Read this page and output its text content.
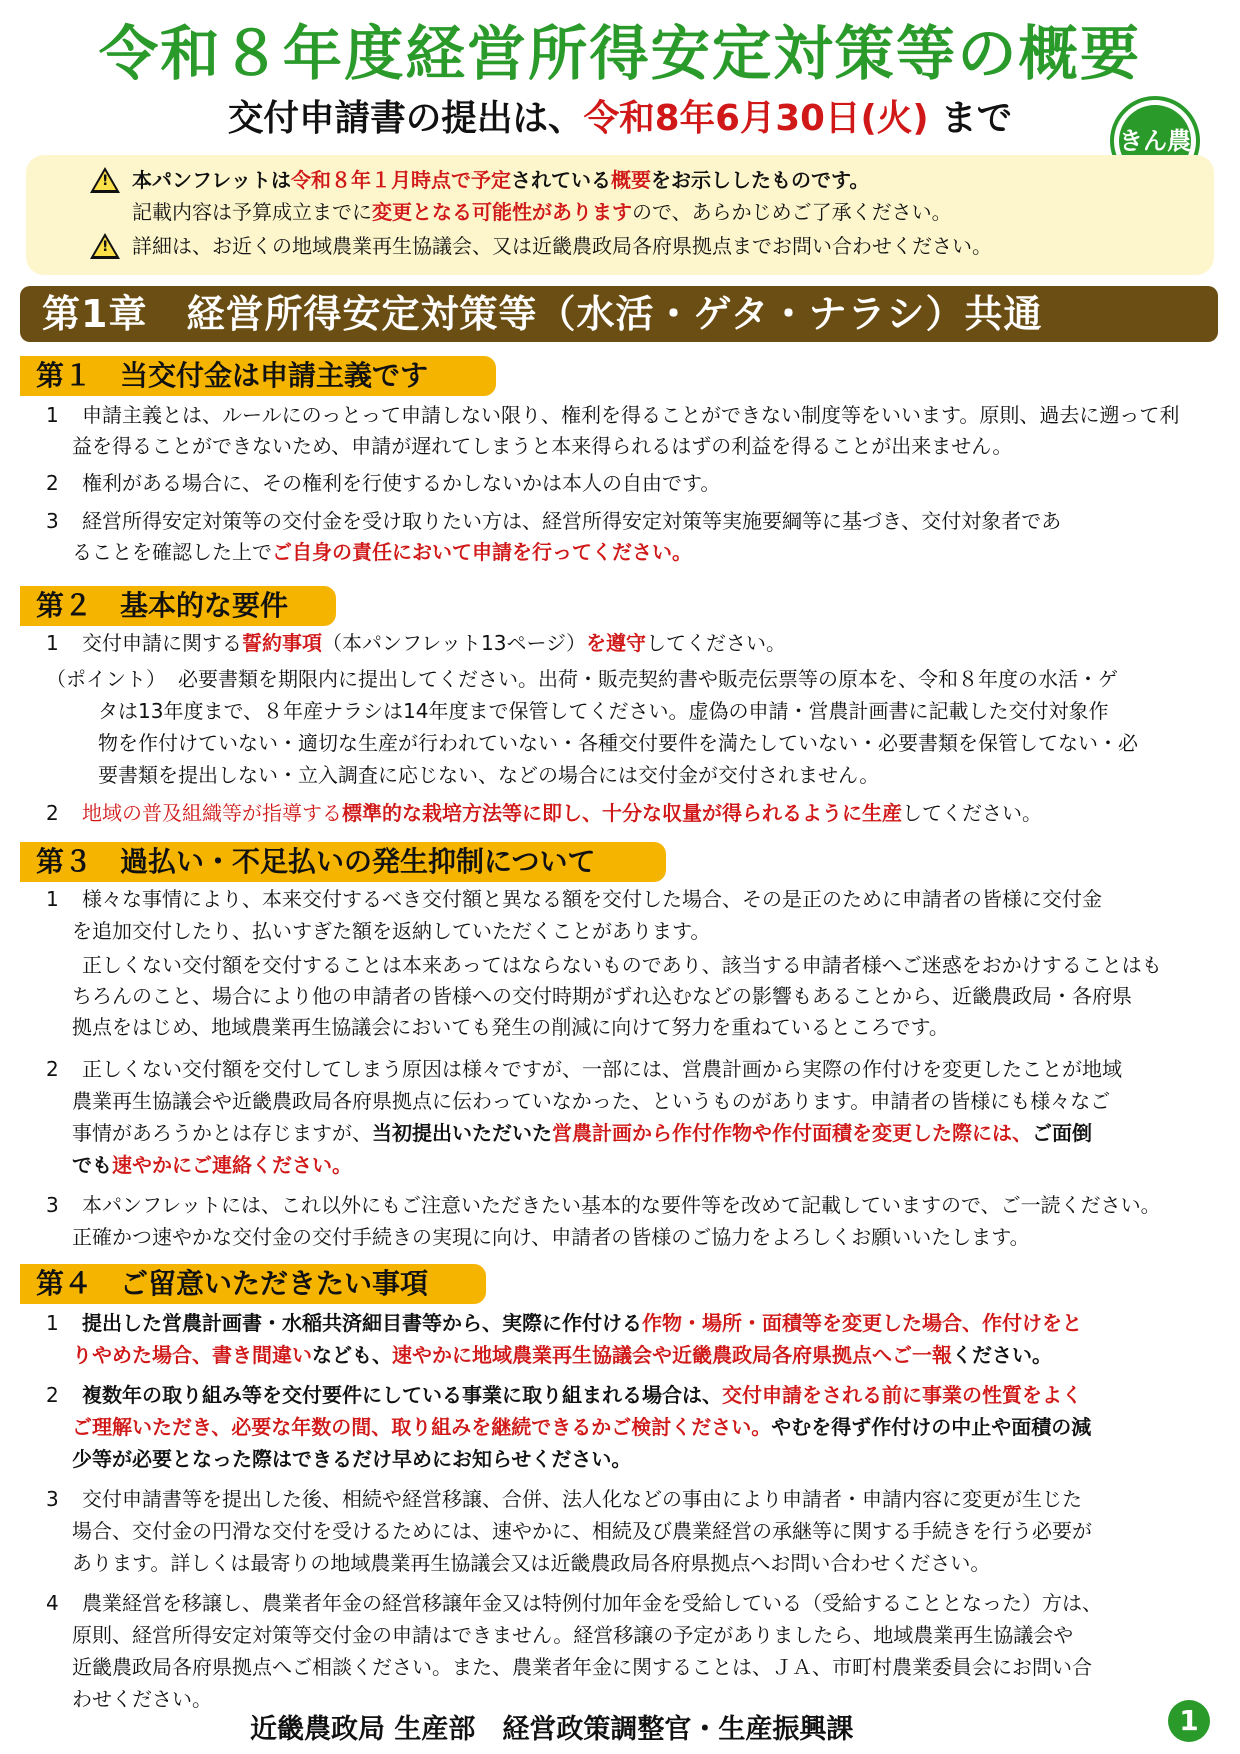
令和８年度経営所得安定対策等の概要
交付申請書の提出は、令和8年6月30日(火) まで
きん農
! 本パンフレットは令和８年１月時点で予定されている概要をお示ししたものです。
記載内容は予算成立までに変更となる可能性がありますので、あらかじめご了承ください。
! 詳細は、お近くの地域農業再生協議会、又は近畿農政局各府県拠点までお問い合わせください。
第1章　経営所得安定対策等（水活・ゲタ・ナラシ）共通
第１　当交付金は申請主義です
1 申請主義とは、ルールにのっとって申請しない限り、権利を得ることができない制度等をいいます。原則、過去に遡って利
益を得ることができないため、申請が遅れてしまうと本来得られるはずの利益を得ることが出来ません。
2 権利がある場合に、その権利を行使するかしないかは本人の自由です。
3 経営所得安定対策等の交付金を受け取りたい方は、経営所得安定対策等実施要綱等に基づき、交付対象者であ
ることを確認した上でご自身の責任において申請を行ってください。
第２　基本的な要件
1 交付申請に関する誓約事項（本パンフレット13ページ）を遵守してください。
（ポイント） 必要書類を期限内に提出してください。出荷・販売契約書や販売伝票等の原本を、令和８年度の水活・ゲ
タは13年度まで、８年産ナラシは14年度まで保管してください。虚偽の申請・営農計画書に記載した交付対象作
物を作付けていない・適切な生産が行われていない・各種交付要件を満たしていない・必要書類を保管してない・必
要書類を提出しない・立入調査に応じない、などの場合には交付金が交付されません。
2 地域の普及組織等が指導する標準的な栽培方法等に即し、十分な収量が得られるように生産してください。
第３　過払い・不足払いの発生抑制について
1 様々な事情により、本来交付するべき交付額と異なる額を交付した場合、その是正のために申請者の皆様に交付金
を追加交付したり、払いすぎた額を返納していただくことがあります。
正しくない交付額を交付することは本来あってはならないものであり、該当する申請者様へご迷惑をおかけすることはも
ちろんのこと、場合により他の申請者の皆様への交付時期がずれ込むなどの影響もあることから、近畿農政局・各府県
拠点をはじめ、地域農業再生協議会においても発生の削減に向けて努力を重ねているところです。
2 正しくない交付額を交付してしまう原因は様々ですが、一部には、営農計画から実際の作付けを変更したことが地域
農業再生協議会や近畿農政局各府県拠点に伝わっていなかった、というものがあります。申請者の皆様にも様々なご
事情があろうかとは存じますが、当初提出いただいた営農計画から作付作物や作付面積を変更した際には、ご面倒
でも速やかにご連絡ください。
3 本パンフレットには、これ以外にもご注意いただきたい基本的な要件等を改めて記載していますので、ご一読ください。
正確かつ速やかな交付金の交付手続きの実現に向け、申請者の皆様のご協力をよろしくお願いいたします。
第４　ご留意いただきたい事項
1 提出した営農計画書・水稲共済細目書等から、実際に作付ける作物・場所・面積等を変更した場合、作付けをと
りやめた場合、書き間違いなども、速やかに地域農業再生協議会や近畿農政局各府県拠点へご一報ください。
2 複数年の取り組み等を交付要件にしている事業に取り組まれる場合は、交付申請をされる前に事業の性質をよく
ご理解いただき、必要な年数の間、取り組みを継続できるかご検討ください。やむを得ず作付けの中止や面積の減
少等が必要となった際はできるだけ早めにお知らせください。
3 交付申請書等を提出した後、相続や経営移譲、合併、法人化などの事由により申請者・申請内容に変更が生じた
場合、交付金の円滑な交付を受けるためには、速やかに、相続及び農業経営の承継等に関する手続きを行う必要が
あります。詳しくは最寄りの地域農業再生協議会又は近畿農政局各府県拠点へお問い合わせください。
4 農業経営を移譲し、農業者年金の経営移譲年金又は特例付加年金を受給している（受給することとなった）方は、
原則、経営所得安定対策等交付金の申請はできません。経営移譲の予定がありましたら、地域農業再生協議会や
近畿農政局各府県拠点へご相談ください。また、農業者年金に関することは、ＪＡ、市町村農業委員会にお問い合
わせください。
近畿農政局 生産部　経営政策調整官・生産振興課	1
